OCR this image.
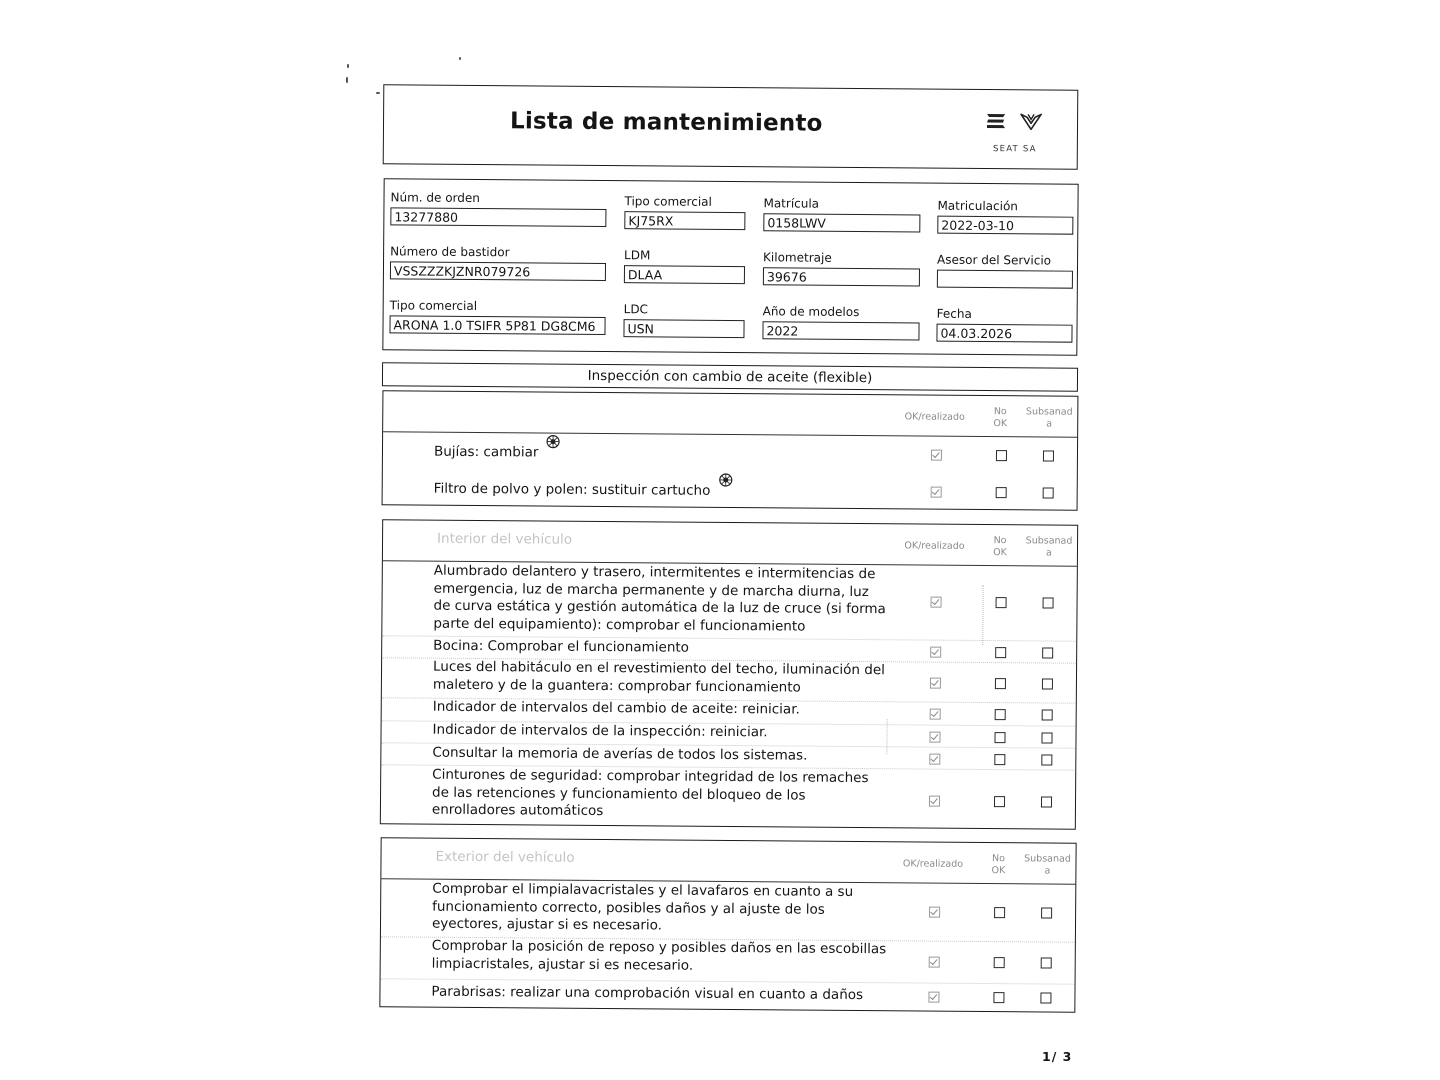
Lista de mantenimiento
SEAT SA
Núm. de orden
13277880
Tipo comercial
KJ75RX
Matrícula
0158LWV
Matriculación
2022-03-10
Número de bastidor
VSSZZZKJZNR079726
LDM
DLAA
Kilometraje
39676
Asesor del Servicio
Tipo comercial
ARONA 1.0 TSIFR 5P81 DG8CM6
LDC
USN
Año de modelos
2022
Fecha
04.03.2026
Inspección con cambio de aceite (flexible)
OK/realizado	No
OK
Subsanad
a
Bujías: cambiar
Filtro de polvo y polen: sustituir cartucho
Interior del vehículo	OK/realizado	No
OK
Subsanad
a
Alumbrado delantero y trasero, intermitentes e intermitencias de emergencia, luz de marcha permanente y de marcha diurna, luz de curva estática y gestión automática de la luz de cruce (si forma parte del equipamiento): comprobar el funcionamiento
Bocina: Comprobar el funcionamiento
Luces del habitáculo en el revestimiento del techo, iluminación del maletero y de la guantera: comprobar funcionamiento
Indicador de intervalos del cambio de aceite: reiniciar.
Indicador de intervalos de la inspección: reiniciar.
Consultar la memoria de averías de todos los sistemas.
Cinturones de seguridad: comprobar integridad de los remaches de las retenciones y funcionamiento del bloqueo de los enrolladores automáticos
Exterior del vehículo	OK/realizado	No
OK
Subsanad
a
Comprobar el limpialavacristales y el lavafaros en cuanto a su funcionamiento correcto, posibles daños y al ajuste de los eyectores, ajustar si es necesario.
Comprobar la posición de reposo y posibles daños en las escobillas limpiacristales, ajustar si es necesario.
Parabrisas: realizar una comprobación visual en cuanto a daños
1/ 3
